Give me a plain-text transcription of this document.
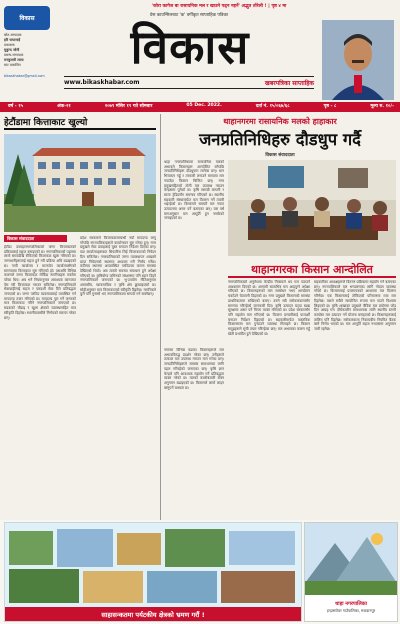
विकास
स्रोत-सम्पादक
हरि चापागाईं
प्रकाशक
मुकुन्द जोगी
प्रबन्ध-सम्पादक
मनकुमारी लामा
बाट प्रकाशित
bikaskhabar@gmail.com
'कोरा कागेज बा रासायनिक मल र खाउने पढ्न नहर्ने' अद्भुत तोरेली ! | पृष्ठ ४ मा
प्रेस काउन्सिलबाट 'क' वर्गीकृत साप्ताहिक पत्रिका
विकास
www.bikaskhabar.com	खबरपत्रिका साप्ताहिक
वर्ष - १५	अंक-२१	२०७९ मंसिर १९ गते सोमबार	05 Dec. 2022.	दर्ता नं. १५/०६७/६८	पृष्ठ - ८	मूल्य रु. १०/-
हेटौंडामा कित्ताकाट खुल्यो	थाहानगरमा रासायनिक मलको हाहाकार
जनप्रतिनिधिहरु दौडधुप गर्दै
विकास संवाददाता
हेटौंडा उपमहानगरपालिकाको जग्गा कित्ताकाटको प्रक्रियालाई सहज बनाइएको छ। नगरपालिकाको पहलमा लामो समयदेखि रोकिएको कित्ताकाट खुला गरिएको छ। जग्गाधनीहरूलाई सहज हुने गरी प्रक्रिया अघि बढाइएको छ। नापी कार्यालय र मालपोत कार्यालयसँगको समन्वयमा कित्ताकाट सुरु गरिएको हो। यसअघि विभिन्न कारणले जग्गा कित्ताकाट रोकिँदा नागरिकहरू मर्कामा परेका थिए। अब भने नियमानुसार आवश्यक कागजात पेस गरी कित्ताकाट गराउन सकिनेछ। नगरपालिकाले सेवाग्राहीलाई सहज र पारदर्शी सेवा दिने प्रतिबद्धता जनाएको छ। जग्गा प्लटिङ व्यवसायलाई व्यवस्थित गर्न मापदण्ड तयार गरिएको छ। मापदण्ड पूरा गर्ने जग्गाको मात्र कित्ताकाट गरिने नगरपालिकाले जनाएको छ। सडकको चौडाइ र खुला क्षेत्रको व्यवस्थासहित मात्र स्वीकृति दिइनेछ। स्थानीयवासीले निर्णयको स्वागत गरेका छन्।
प्रदेश सरकारले कित्ताकाटसम्बन्धी नयाँ मापदण्ड लागु गरेपछि नगरपालिकाहरूले कार्यान्वयन सुरु गरेका हुन्। नगर प्रमुखले सेवा प्रवाहलाई चुस्त बनाउन निर्देशन दिएका छन्। वडा कार्यालयहरूबाट सिफारिस लिई कित्ताकाटको निवेदन दिन सकिनेछ। नगरपालिकाको जग्गा व्यवस्थापन शाखाले प्राप्त निवेदनको स्थलगत अध्ययन गरी निर्णय गर्नेछ। कतिपय स्थानमा अव्यवस्थित प्लटिङका कारण समस्या देखिएको थियो। अब त्यस्तो समस्या समाधान हुने अपेक्षा गरिएको छ। कृषियोग्य जमिनको संरक्षणमा पनि ध्यान दिइने नगरपालिकाले जनाएको छ। भू-उपयोग नीतिअनुसार आवासीय, व्यावसायिक र कृषि क्षेत्र छुट्याइएको छ। सोहीअनुसार मात्र कित्ताकाटको स्वीकृति दिइनेछ। नागरिकले कुनै पनि गुनासो भए नगरपालिकामा सम्पर्क गर्न सक्नेछन्।
विकास संवाददाता
थाहा नगरपालिकामा रासायनिक मलको अभावले किसानहरू आन्दोलित बनेपछि जनप्रतिनिधिहरू दौडधुपमा लागेका छन्। धान भित्र्याएर गहुँ र तरकारी लगाउने समयमा मल नपाउँदा किसान चिन्तित छन्। नगर प्रमुखसहितको टोली मल उपलब्ध गराउन केन्द्रसम्म पुगेको छ। कृषि सामग्री कम्पनी र साल्ट ट्रेडिङसँग समन्वय गरिएको छ। स्थानीय सहकारी संस्थामार्फत मल वितरण गर्ने तयारी भइरहेको छ। किसानले समयमै मल नपाए उत्पादनमा असर पर्ने बताएका छन्। यस वर्ष मागअनुसार मल आपूर्ति हुन नसकेको जनाइएको छ।
थाहानगरका किसान आन्दोलित
नगरका विभिन्न वडाका किसानहरूले मल अभावविरुद्ध प्रदर्शन गरेका छन्। उनीहरूले तत्काल मल उपलब्ध गराउन माग गरेका छन्। जनप्रतिनिधिहरूले समस्या समाधानका लागि पहल गरिरहेको जनाएका छन्। कृषि ज्ञान केन्द्रले पनि आवश्यक सहयोग गर्ने प्रतिबद्धता व्यक्त गरेको छ। मलको कालोबजारी रोक्न अनुगमन बढाइएको छ। किसानले लामो लाइन बस्नुपर्ने बाध्यता छ।
नगरपालिकाको अनुरोधमा केन्द्रीय निकायले थप मल पठाउने आश्वासन दिएको छ। आगामी साताभित्र मल आइपुग्ने अपेक्षा गरिएको छ। किसानहरूको माग सम्बोधन नभए आन्दोलन चर्काउने चेतावनी दिइएको छ। नगर प्रमुखले किसानको समस्या प्राथमिकतामा राखिएको बताए। उनले सबै सरोकारवालासँग समन्वय गरिरहेको जानकारी दिए। कृषि उत्पादन घट्दा खाद्य सुरक्षामा असर पर्ने चिन्ता व्यक्त गरिएको छ। प्रदेश सरकारसँग पनि सहयोग माग गरिएको छ। वितरण प्रणालीलाई पारदर्शी बनाउन निर्देशन दिइएको छ। सहकारीमार्फत वास्तविक किसानसम्म मल पुर्‍याउने व्यवस्था मिलाइने छ। किसान समूहहरूले सूची तयार गरिरहेका छन्। मल अभावका कारण गहुँ खेती प्रभावित हुने देखिएको छ।
सहकारीका अध्यक्षहरूले वितरण प्रक्रियामा सहयोग गर्ने बताएका छन्। नगरपालिकाले मल भण्डारणका लागि गोदाम व्यवस्था गरेको छ। किसानलाई प्रमाणपत्रको आधारमा मल वितरण गरिनेछ। एक किसानलाई तोकिएको परिमाणमा मात्र मल दिइनेछ। यसले सबैले न्यायोचित रूपमा मल पाउने विश्वास लिइएको छ। कृषि शाखाका प्रमुखले जैविक मल प्रयोगमा जोड दिन आग्रह गरे। दीर्घकालीन समाधानका लागि स्थानीय स्तरमै कम्पोस्ट मल उत्पादन गर्ने योजना बनाइएको छ। किसानहरूलाई तालिम पनि दिइनेछ। सरोकारवाला निकायबीच नियमित बैठक बस्ने निर्णय भएको छ। मल आपूर्ति सहज नभएसम्म अनुगमन जारी रहनेछ।
साहासन्कतमा पर्यटकीय क्षेत्रको भ्रमण गरौं !
थाहा नगरपालिका
इन्द्रासरोवर गाउँपालिका, मकवानपुर
